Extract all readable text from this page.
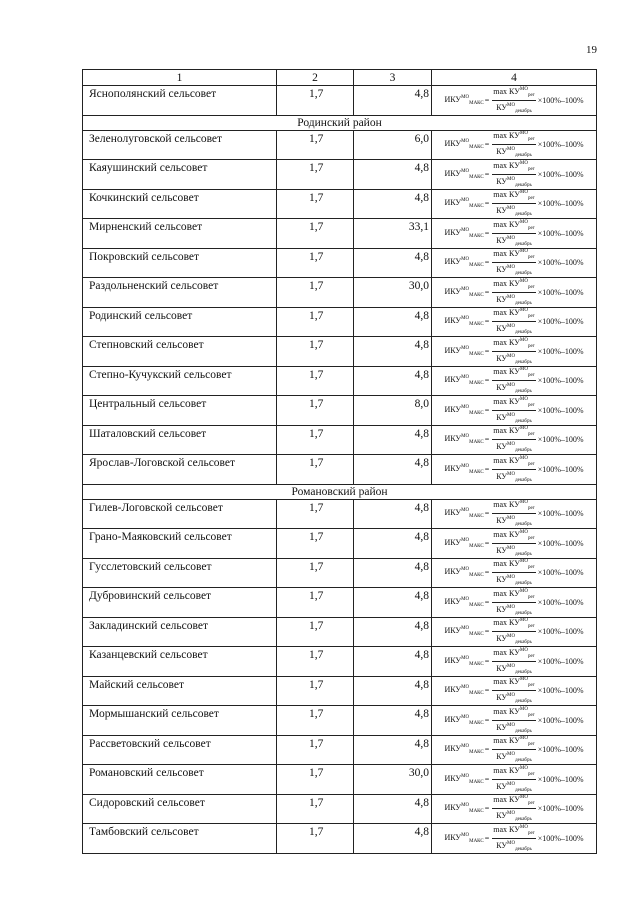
19
1	2	3	4

Яснополянский сельсовет	1,7	4,8	$ИКУ^{МО}_{МАКС} = \frac{\max КУ^{МО}_{рег}}{КУ^{МО}_{декабрь}} \times 100\%-100\%$

Родинский район			

Зеленолуговской сельсовет	1,7	6,0	$ИКУ^{МО}_{МАКС} = \frac{\max КУ^{МО}_{рег}}{КУ^{МО}_{декабрь}} \times 100\%-100\%$

Каяушинский сельсовет	1,7	4,8	$ИКУ^{МО}_{МАКС} = \frac{\max КУ^{МО}_{рег}}{КУ^{МО}_{декабрь}} \times 100\%-100\%$

Кочкинский сельсовет	1,7	4,8	$ИКУ^{МО}_{МАКС} = \frac{\max КУ^{МО}_{рег}}{КУ^{МО}_{декабрь}} \times 100\%-100\%$

Мирненский сельсовет	1,7	33,1	$ИКУ^{МО}_{МАКС} = \frac{\max КУ^{МО}_{рег}}{КУ^{МО}_{декабрь}} \times 100\%-100\%$

Покровский сельсовет	1,7	4,8	$ИКУ^{МО}_{МАКС} = \frac{\max КУ^{МО}_{рег}}{КУ^{МО}_{декабрь}} \times 100\%-100\%$

Раздольненский сельсовет	1,7	30,0	$ИКУ^{МО}_{МАКС} = \frac{\max КУ^{МО}_{рег}}{КУ^{МО}_{декабрь}} \times 100\%-100\%$

Родинский сельсовет	1,7	4,8	$ИКУ^{МО}_{МАКС} = \frac{\max КУ^{МО}_{рег}}{КУ^{МО}_{декабрь}} \times 100\%-100\%$

Степновский сельсовет	1,7	4,8	$ИКУ^{МО}_{МАКС} = \frac{\max КУ^{МО}_{рег}}{КУ^{МО}_{декабрь}} \times 100\%-100\%$

Степно-Кучукский сельсовет	1,7	4,8	$ИКУ^{МО}_{МАКС} = \frac{\max КУ^{МО}_{рег}}{КУ^{МО}_{декабрь}} \times 100\%-100\%$

Центральный сельсовет	1,7	8,0	$ИКУ^{МО}_{МАКС} = \frac{\max КУ^{МО}_{рег}}{КУ^{МО}_{декабрь}} \times 100\%-100\%$

Шаталовский сельсовет	1,7	4,8	$ИКУ^{МО}_{МАКС} = \frac{\max КУ^{МО}_{рег}}{КУ^{МО}_{декабрь}} \times 100\%-100\%$

Ярослав-Логовской сельсовет	1,7	4,8	$ИКУ^{МО}_{МАКС} = \frac{\max КУ^{МО}_{рег}}{КУ^{МО}_{декабрь}} \times 100\%-100\%$

Романовский район			

Гилев-Логовской сельсовет	1,7	4,8	$ИКУ^{МО}_{МАКС} = \frac{\max КУ^{МО}_{рег}}{КУ^{МО}_{декабрь}} \times 100\%-100\%$

Грано-Маяковский сельсовет	1,7	4,8	$ИКУ^{МО}_{МАКС} = \frac{\max КУ^{МО}_{рег}}{КУ^{МО}_{декабрь}} \times 100\%-100\%$

Гусслетовский сельсовет	1,7	4,8	$ИКУ^{МО}_{МАКС} = \frac{\max КУ^{МО}_{рег}}{КУ^{МО}_{декабрь}} \times 100\%-100\%$

Дубровинский сельсовет	1,7	4,8	$ИКУ^{МО}_{МАКС} = \frac{\max КУ^{МО}_{рег}}{КУ^{МО}_{декабрь}} \times 100\%-100\%$

Закладинский сельсовет	1,7	4,8	$ИКУ^{МО}_{МАКС} = \frac{\max КУ^{МО}_{рег}}{КУ^{МО}_{декабрь}} \times 100\%-100\%$

Казанцевский сельсовет	1,7	4,8	$ИКУ^{МО}_{МАКС} = \frac{\max КУ^{МО}_{рег}}{КУ^{МО}_{декабрь}} \times 100\%-100\%$

Майский сельсовет	1,7	4,8	$ИКУ^{МО}_{МАКС} = \frac{\max КУ^{МО}_{рег}}{КУ^{МО}_{декабрь}} \times 100\%-100\%$

Мормышанский сельсовет	1,7	4,8	$ИКУ^{МО}_{МАКС} = \frac{\max КУ^{МО}_{рег}}{КУ^{МО}_{декабрь}} \times 100\%-100\%$

Рассветовский сельсовет	1,7	4,8	$ИКУ^{МО}_{МАКС} = \frac{\max КУ^{МО}_{рег}}{КУ^{МО}_{декабрь}} \times 100\%-100\%$

Романовский сельсовет	1,7	30,0	$ИКУ^{МО}_{МАКС} = \frac{\max КУ^{МО}_{рег}}{КУ^{МО}_{декабрь}} \times 100\%-100\%$

Сидоровский сельсовет	1,7	4,8	$ИКУ^{МО}_{МАКС} = \frac{\max КУ^{МО}_{рег}}{КУ^{МО}_{декабрь}} \times 100\%-100\%$

Тамбовский сельсовет	1,7	4,8	$ИКУ^{МО}_{МАКС} = \frac{\max КУ^{МО}_{рег}}{КУ^{МО}_{декабрь}} \times 100\%-100\%$
